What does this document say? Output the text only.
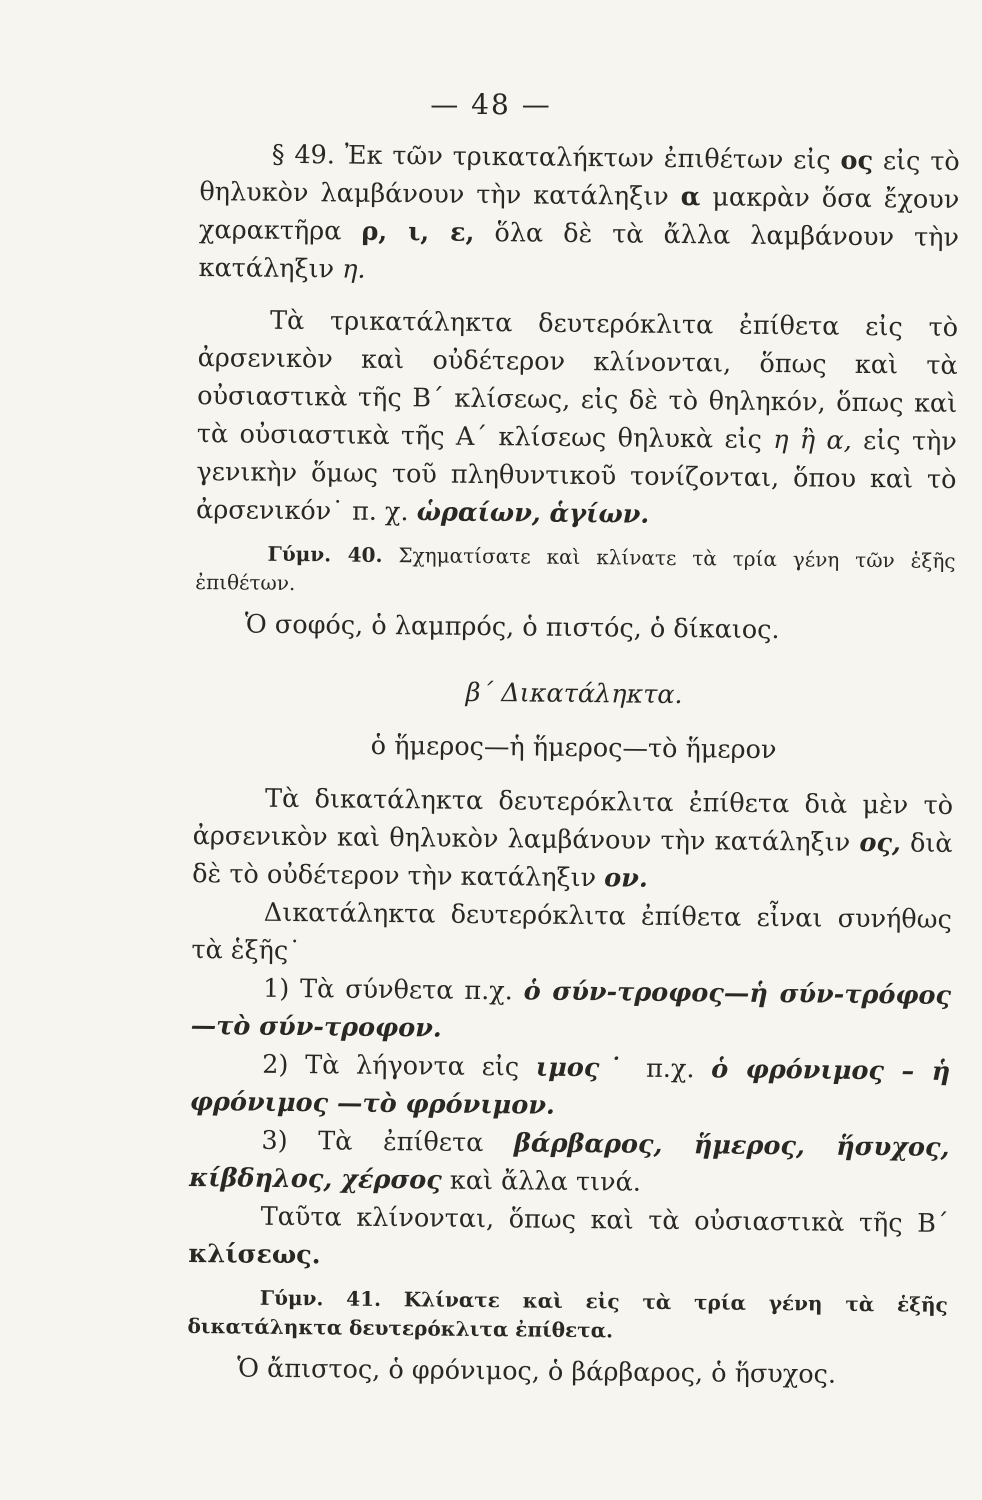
— 48 —

§ 49. Ἐκ τῶν τρικαταλήκτων ἐπιθέτων εἰς ος εἰς τὸ θηλυκὸν λαμβάνουν τὴν κατάληξιν α μακρὰν ὅσα ἔχουν χαρακτῆρα ρ, ι, ε, ὅλα δὲ τὰ ἄλλα λαμβάνουν τὴν κατάληξιν η.

Τὰ τρικατάληκτα δευτερόκλιτα ἐπίθετα εἰς τὸ ἀρσενικὸν καὶ οὐδέτερον κλίνονται, ὅπως καὶ τὰ οὐσιαστικὰ τῆς Β΄ κλίσεως, εἰς δὲ τὸ θηληκόν, ὅπως καὶ τὰ οὐσιαστικὰ τῆς Α΄ κλίσεως θηλυκὰ εἰς η ἢ α, εἰς τὴν γενικὴν ὅμως τοῦ πληθυντικοῦ τονίζονται, ὅπου καὶ τὸ ἀρσενικόν˙ π. χ. ὡραίων, ἁγίων.

Γύμν. 40. Σχηματίσατε καὶ κλίνατε τὰ τρία γένη τῶν ἑξῆς ἐπιθέτων.

Ὁ σοφός, ὁ λαμπρός, ὁ πιστός, ὁ δίκαιος.

β΄ Δικατάληκτα.

ὁ ἥμερος—ἡ ἥμερος—τὸ ἥμερον

Τὰ δικατάληκτα δευτερόκλιτα ἐπίθετα διὰ μὲν τὸ ἀρσενικὸν καὶ θηλυκὸν λαμβάνουν τὴν κατάληξιν ος, διὰ δὲ τὸ οὐδέτερον τὴν κατάληξιν ον.

Δικατάληκτα δευτερόκλιτα ἐπίθετα εἶναι συνήθως τὰ ἑξῆς˙

1) Τὰ σύνθετα π.χ. ὁ σύν-τροφος—ἡ σύν-τρόφος—τὸ σύν-τροφον.

2) Τὰ λήγοντα εἰς ιμος˙ π.χ. ὁ φρόνιμος – ἡ φρόνιμος —τὸ φρόνιμον.

3) Τὰ ἐπίθετα βάρβαρος, ἥμερος, ἥσυχος, κίβδηλος, χέρσος καὶ ἄλλα τινά.

Ταῦτα κλίνονται, ὅπως καὶ τὰ οὐσιαστικὰ τῆς Β΄ κλίσεως.

Γύμν. 41. Κλίνατε καὶ εἰς τὰ τρία γένη τὰ ἑξῆς δικατάληκτα δευτερόκλιτα ἐπίθετα.

Ὁ ἄπιστος, ὁ φρόνιμος, ὁ βάρβαρος, ὁ ἥσυχος.
